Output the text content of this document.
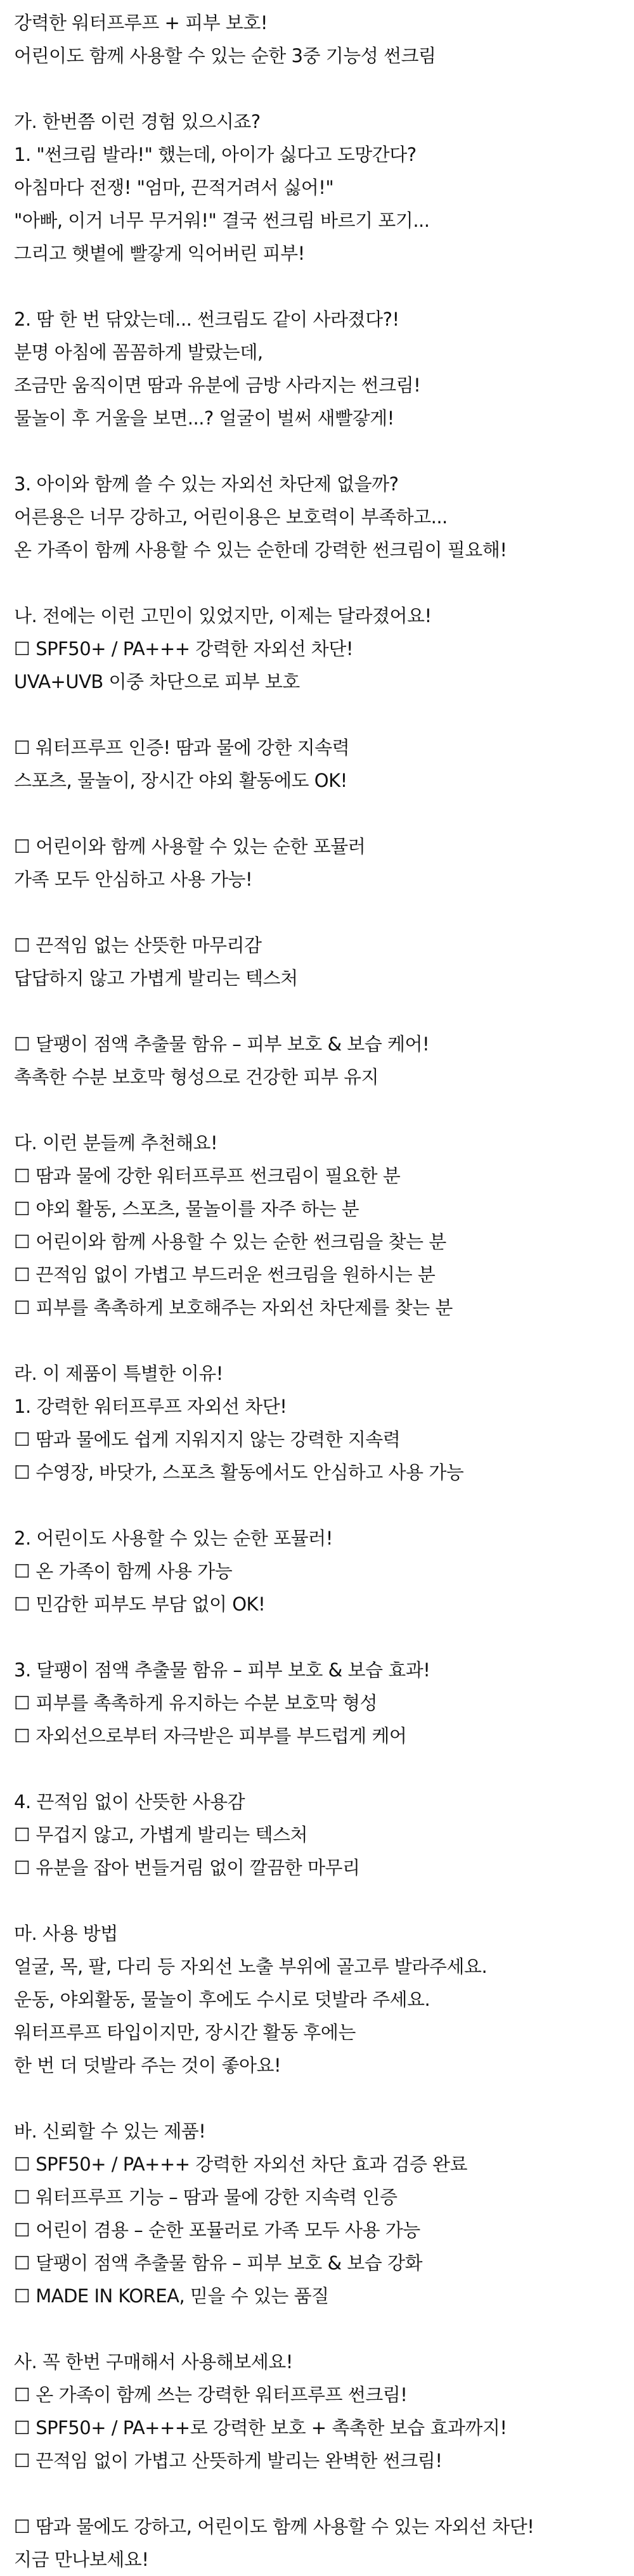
강력한 워터프루프 + 피부 보호!
어린이도 함께 사용할 수 있는 순한 3중 기능성 썬크림
가. 한번쯤 이런 경험 있으시죠?
1. "썬크림 발라!" 했는데, 아이가 싫다고 도망간다?
아침마다 전쟁! "엄마, 끈적거려서 싫어!"
"아빠, 이거 너무 무거워!" 결국 썬크림 바르기 포기...
그리고 햇볕에 빨갛게 익어버린 피부!
2. 땀 한 번 닦았는데... 썬크림도 같이 사라졌다?!
분명 아침에 꼼꼼하게 발랐는데,
조금만 움직이면 땀과 유분에 금방 사라지는 썬크림!
물놀이 후 거울을 보면...? 얼굴이 벌써 새빨갛게!
3. 아이와 함께 쓸 수 있는 자외선 차단제 없을까?
어른용은 너무 강하고, 어린이용은 보호력이 부족하고...
온 가족이 함께 사용할 수 있는 순한데 강력한 썬크림이 필요해!
나. 전에는 이런 고민이 있었지만, 이제는 달라졌어요!
☐ SPF50+ / PA+++ 강력한 자외선 차단!
UVA+UVB 이중 차단으로 피부 보호
☐ 워터프루프 인증! 땀과 물에 강한 지속력
스포츠, 물놀이, 장시간 야외 활동에도 OK!
☐ 어린이와 함께 사용할 수 있는 순한 포뮬러
가족 모두 안심하고 사용 가능!
☐ 끈적임 없는 산뜻한 마무리감
답답하지 않고 가볍게 발리는 텍스처
☐ 달팽이 점액 추출물 함유 – 피부 보호 & 보습 케어!
촉촉한 수분 보호막 형성으로 건강한 피부 유지
다. 이런 분들께 추천해요!
☐ 땀과 물에 강한 워터프루프 썬크림이 필요한 분
☐ 야외 활동, 스포츠, 물놀이를 자주 하는 분
☐ 어린이와 함께 사용할 수 있는 순한 썬크림을 찾는 분
☐ 끈적임 없이 가볍고 부드러운 썬크림을 원하시는 분
☐ 피부를 촉촉하게 보호해주는 자외선 차단제를 찾는 분
라. 이 제품이 특별한 이유!
1. 강력한 워터프루프 자외선 차단!
☐ 땀과 물에도 쉽게 지워지지 않는 강력한 지속력
☐ 수영장, 바닷가, 스포츠 활동에서도 안심하고 사용 가능
2. 어린이도 사용할 수 있는 순한 포뮬러!
☐ 온 가족이 함께 사용 가능
☐ 민감한 피부도 부담 없이 OK!
3. 달팽이 점액 추출물 함유 – 피부 보호 & 보습 효과!
☐ 피부를 촉촉하게 유지하는 수분 보호막 형성
☐ 자외선으로부터 자극받은 피부를 부드럽게 케어
4. 끈적임 없이 산뜻한 사용감
☐ 무겁지 않고, 가볍게 발리는 텍스처
☐ 유분을 잡아 번들거림 없이 깔끔한 마무리
마. 사용 방법
얼굴, 목, 팔, 다리 등 자외선 노출 부위에 골고루 발라주세요.
운동, 야외활동, 물놀이 후에도 수시로 덧발라 주세요.
워터프루프 타입이지만, 장시간 활동 후에는
한 번 더 덧발라 주는 것이 좋아요!
바. 신뢰할 수 있는 제품!
☐ SPF50+ / PA+++ 강력한 자외선 차단 효과 검증 완료
☐ 워터프루프 기능 – 땀과 물에 강한 지속력 인증
☐ 어린이 겸용 – 순한 포뮬러로 가족 모두 사용 가능
☐ 달팽이 점액 추출물 함유 – 피부 보호 & 보습 강화
☐ MADE IN KOREA, 믿을 수 있는 품질
사. 꼭 한번 구매해서 사용해보세요!
☐ 온 가족이 함께 쓰는 강력한 워터프루프 썬크림!
☐ SPF50+ / PA+++로 강력한 보호 + 촉촉한 보습 효과까지!
☐ 끈적임 없이 가볍고 산뜻하게 발리는 완벽한 썬크림!
☐ 땀과 물에도 강하고, 어린이도 함께 사용할 수 있는 자외선 차단!
지금 만나보세요!
